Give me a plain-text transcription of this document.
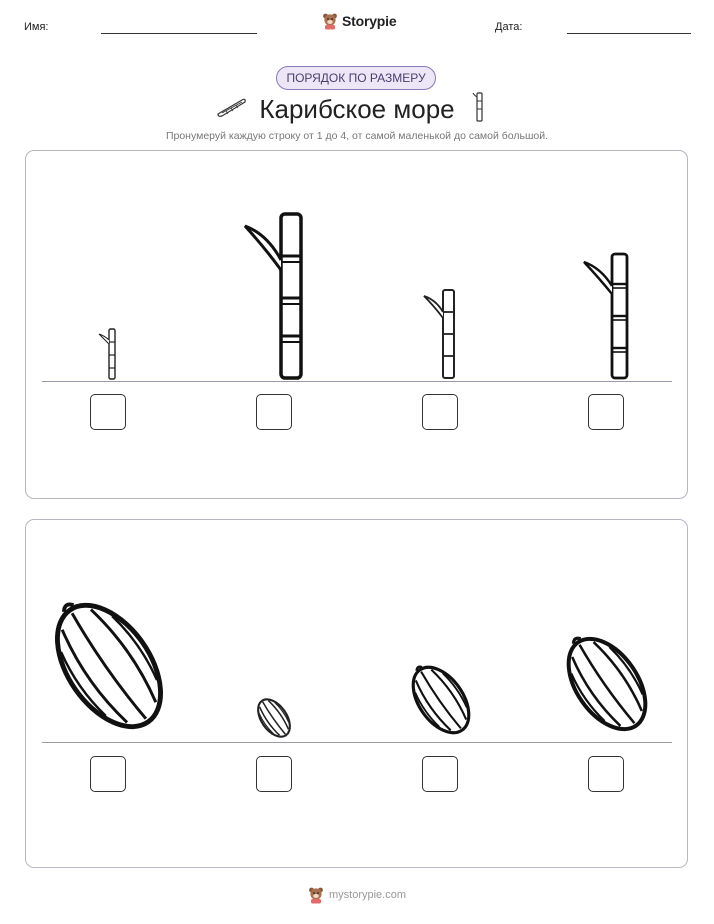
Имя:	Storypie	Дата:
ПОРЯДОК ПО РАЗМЕРУ
Карибское море
Пронумеруй каждую строку от 1 до 4, от самой маленькой до самой большой.
mystorypie.com
